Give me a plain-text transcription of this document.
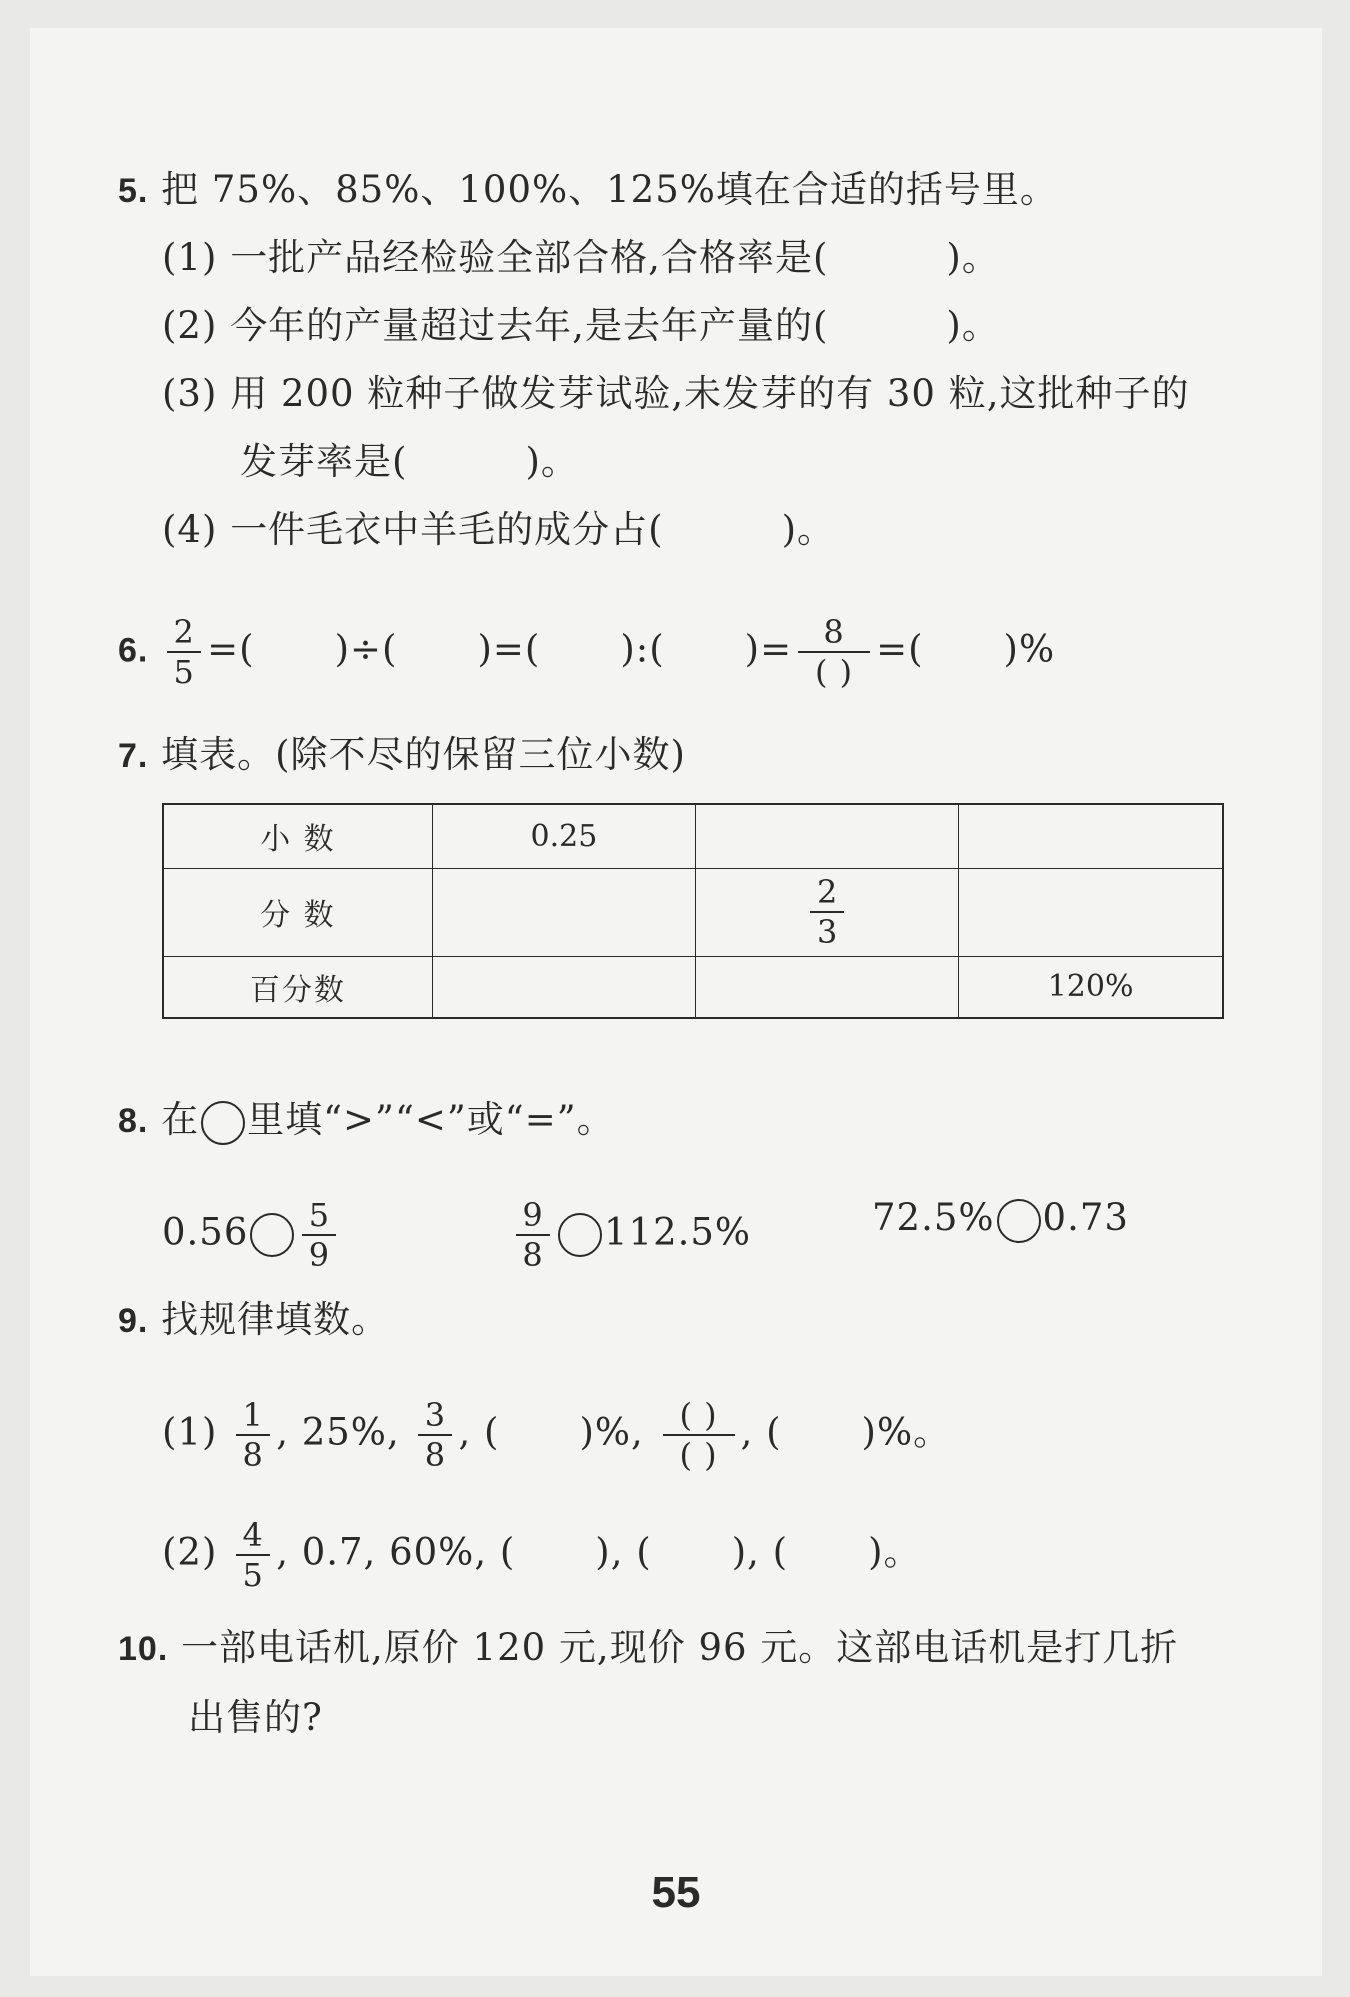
5. 把 75%、85%、100%、125%填在合适的括号里。
(1) 一批产品经检验全部合格,合格率是(	)。
(2) 今年的产量超过去年,是去年产量的(	)。
(3) 用 200 粒种子做发芽试验,未发芽的有 30 粒,这批种子的
发芽率是(	)。
(4) 一件毛衣中羊毛的成分占(	)。
6. $\frac{2}{5}$ =( )÷( )=( ):( )= $\frac{8}{( )}$ =( )%
7. 填表。(除不尽的保留三位小数)
小 数	0.25		
分 数		$\frac{2}{3}$

百分数			120%
8. 在 里填“>”“<”或“=”。
$0.56 \frac{5}{9}$	$\frac{9}{8} 112.5\%$	72.5% 0.73
9. 找规律填数。
$(1) \frac{1}{8}$ , 25%, $\frac{3}{8}$ , ( )%, $\frac{( )}{( )}$ , ( )%。
$(2) \frac{4}{5}$ , 0.7, 60%, ( ), ( ), ( )。
10. 一部电话机,原价 120 元,现价 96 元。这部电话机是打几折
出售的?
55
